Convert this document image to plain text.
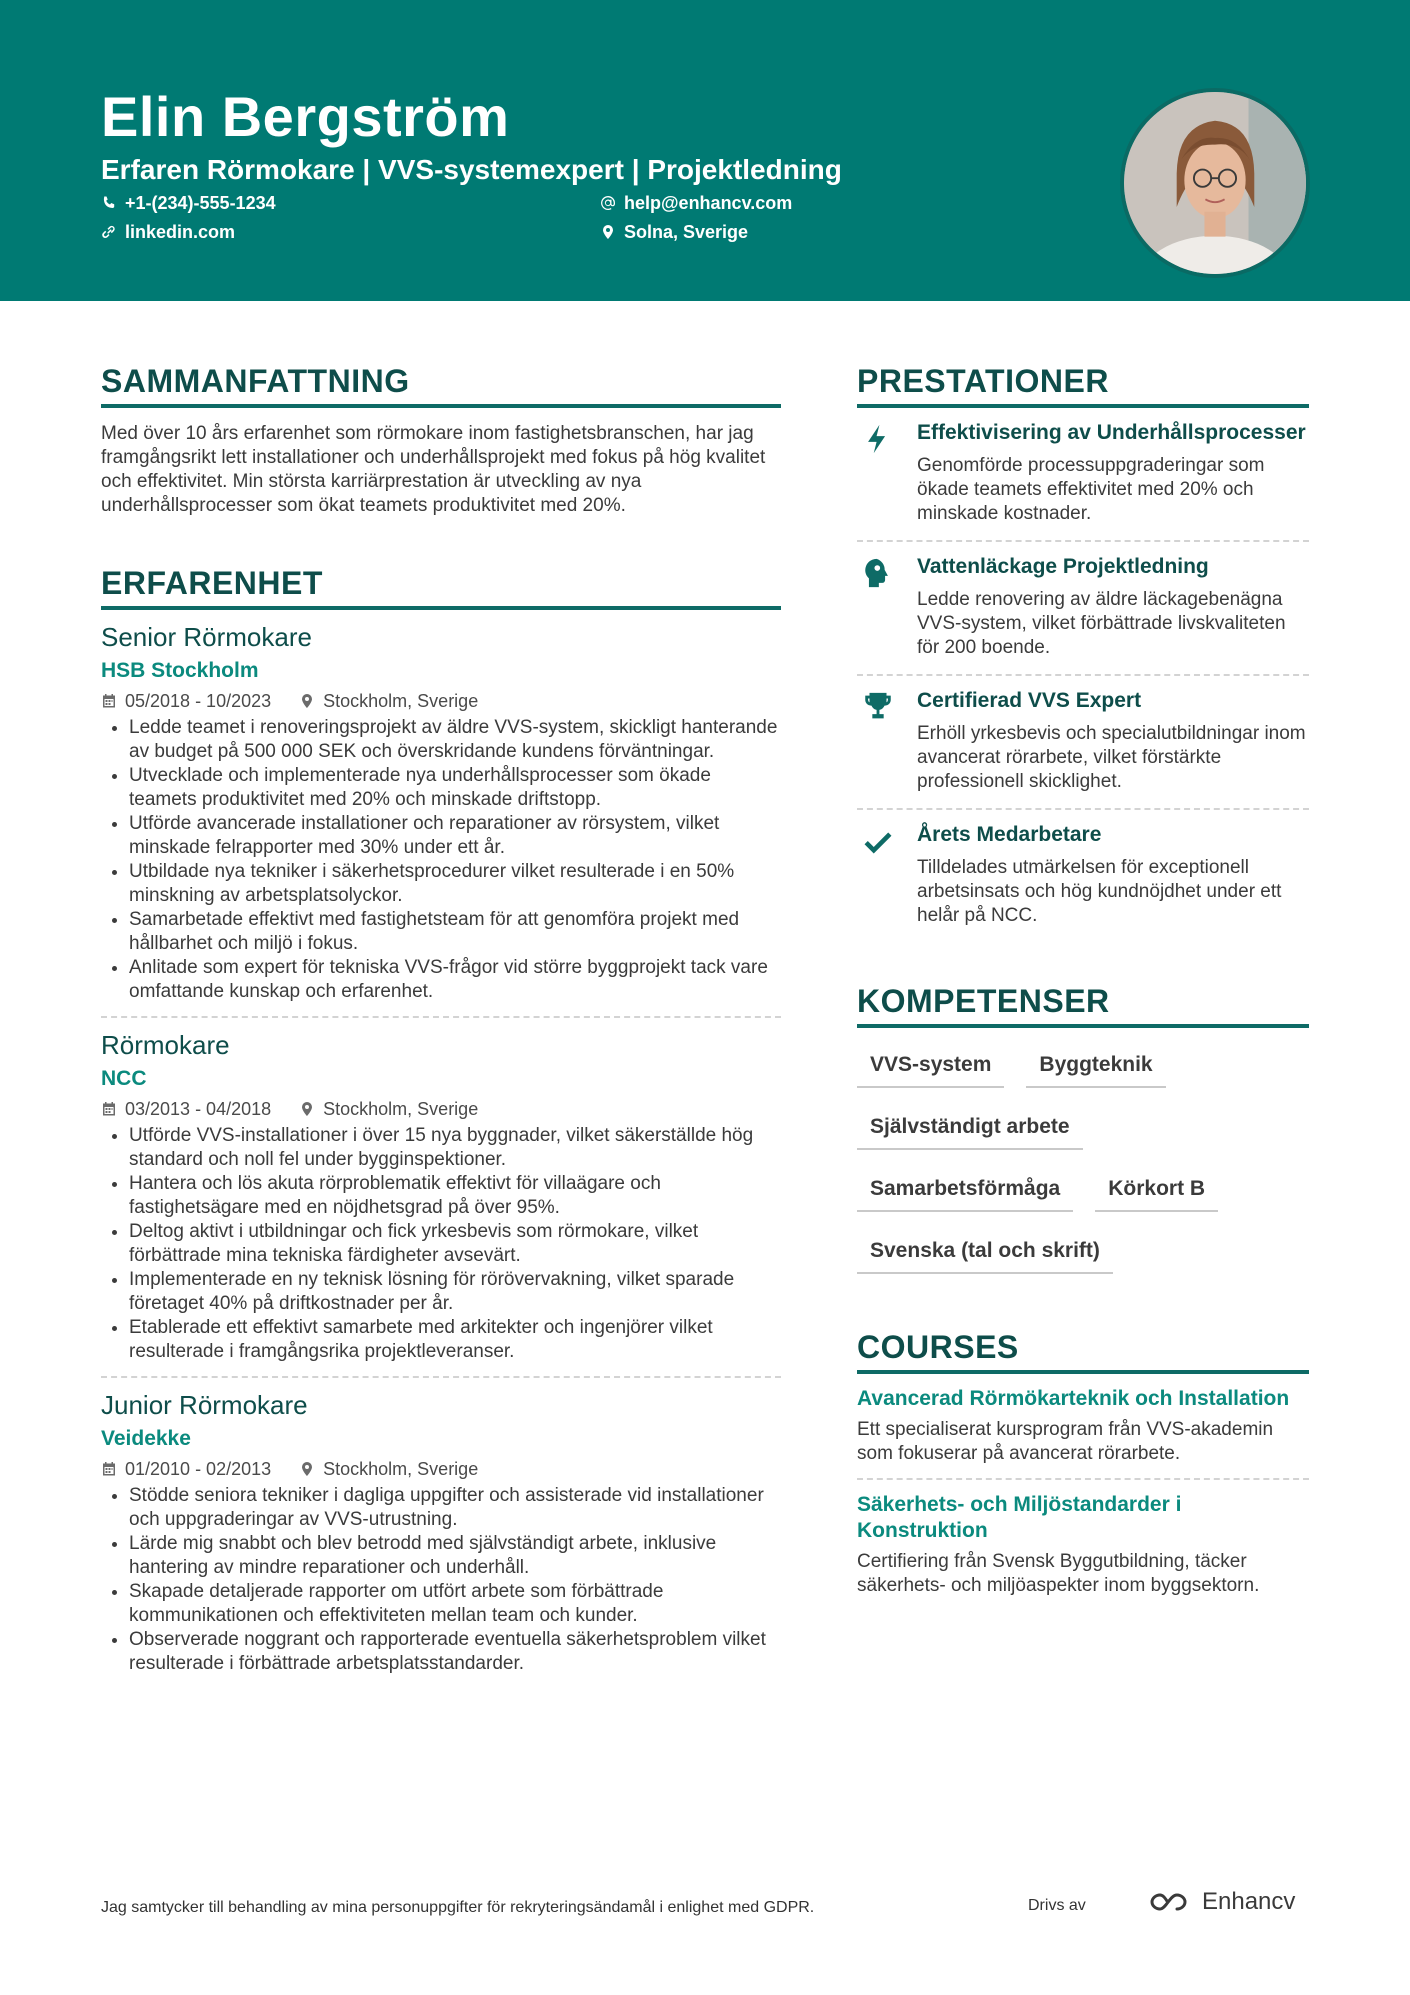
Elin Bergström

Erfaren Rörmokare | VVS-systemexpert | Projektledning

+1-(234)-555-1234	help@enhancv.com
linkedin.com	Solna, Sverige
SAMMANFATTNING

Med över 10 års erfarenhet som rörmokare inom fastighetsbranschen, har jag framgångsrikt lett installationer och underhållsprojekt med fokus på hög kvalitet och effektivitet. Min största karriärprestation är utveckling av nya underhållsprocesser som ökat teamets produktivitet med 20%.

ERFARENHET

Senior Rörmokare

HSB Stockholm

05/2018 - 10/2023	Stockholm, Sverige
• Ledde teamet i renoveringsprojekt av äldre VVS-system, skickligt hanterande av budget på 500 000 SEK och överskridande kundens förväntningar.
• Utvecklade och implementerade nya underhållsprocesser som ökade teamets produktivitet med 20% och minskade driftstopp.
• Utförde avancerade installationer och reparationer av rörsystem, vilket minskade felrapporter med 30% under ett år.
• Utbildade nya tekniker i säkerhetsprocedurer vilket resulterade i en 50% minskning av arbetsplatsolyckor.
• Samarbetade effektivt med fastighetsteam för att genomföra projekt med hållbarhet och miljö i fokus.
• Anlitade som expert för tekniska VVS-frågor vid större byggprojekt tack vare omfattande kunskap och erfarenhet.

Rörmokare

NCC

03/2013 - 04/2018	Stockholm, Sverige
• Utförde VVS-installationer i över 15 nya byggnader, vilket säkerställde hög standard och noll fel under bygginspektioner.
• Hantera och lös akuta rörproblematik effektivt för villaägare och fastighetsägare med en nöjdhetsgrad på över 95%.
• Deltog aktivt i utbildningar och fick yrkesbevis som rörmokare, vilket förbättrade mina tekniska färdigheter avsevärt.
• Implementerade en ny teknisk lösning för rörövervakning, vilket sparade företaget 40% på driftkostnader per år.
• Etablerade ett effektivt samarbete med arkitekter och ingenjörer vilket resulterade i framgångsrika projektleveranser.

Junior Rörmokare

Veidekke

01/2010 - 02/2013	Stockholm, Sverige
• Stödde seniora tekniker i dagliga uppgifter och assisterade vid installationer och uppgraderingar av VVS-utrustning.
• Lärde mig snabbt och blev betrodd med självständigt arbete, inklusive hantering av mindre reparationer och underhåll.
• Skapade detaljerade rapporter om utfört arbete som förbättrade kommunikationen och effektiviteten mellan team och kunder.
• Observerade noggrant och rapporterade eventuella säkerhetsproblem vilket resulterade i förbättrade arbetsplatsstandarder.
PRESTATIONER

Effektivisering av Underhållsprocesser

Genomförde processuppgraderingar som ökade teamets effektivitet med 20% och minskade kostnader.

Vattenläckage Projektledning

Ledde renovering av äldre läckagebenägna VVS-system, vilket förbättrade livskvaliteten för 200 boende.

Certifierad VVS Expert

Erhöll yrkesbevis och specialutbildningar inom avancerat rörarbete, vilket förstärkte professionell skicklighet.

Årets Medarbetare

Tilldelades utmärkelsen för exceptionell arbetsinsats och hög kundnöjdhet under ett helår på NCC.

KOMPETENSER
VVS-system	Byggteknik
Självständigt arbete
Samarbetsförmåga	Körkort B
Svenska (tal och skrift)
COURSES

Avancerad Rörmökarteknik och Installation

Ett specialiserat kursprogram från VVS-akademin som fokuserar på avancerat rörarbete.

Säkerhets- och Miljöstandarder i Konstruktion

Certifiering från Svensk Byggutbildning, täcker säkerhets- och miljöaspekter inom byggsektorn.

Jag samtycker till behandling av mina personuppgifter för rekryteringsändamål i enlighet med GDPR.	Drivs av	Enhancv
